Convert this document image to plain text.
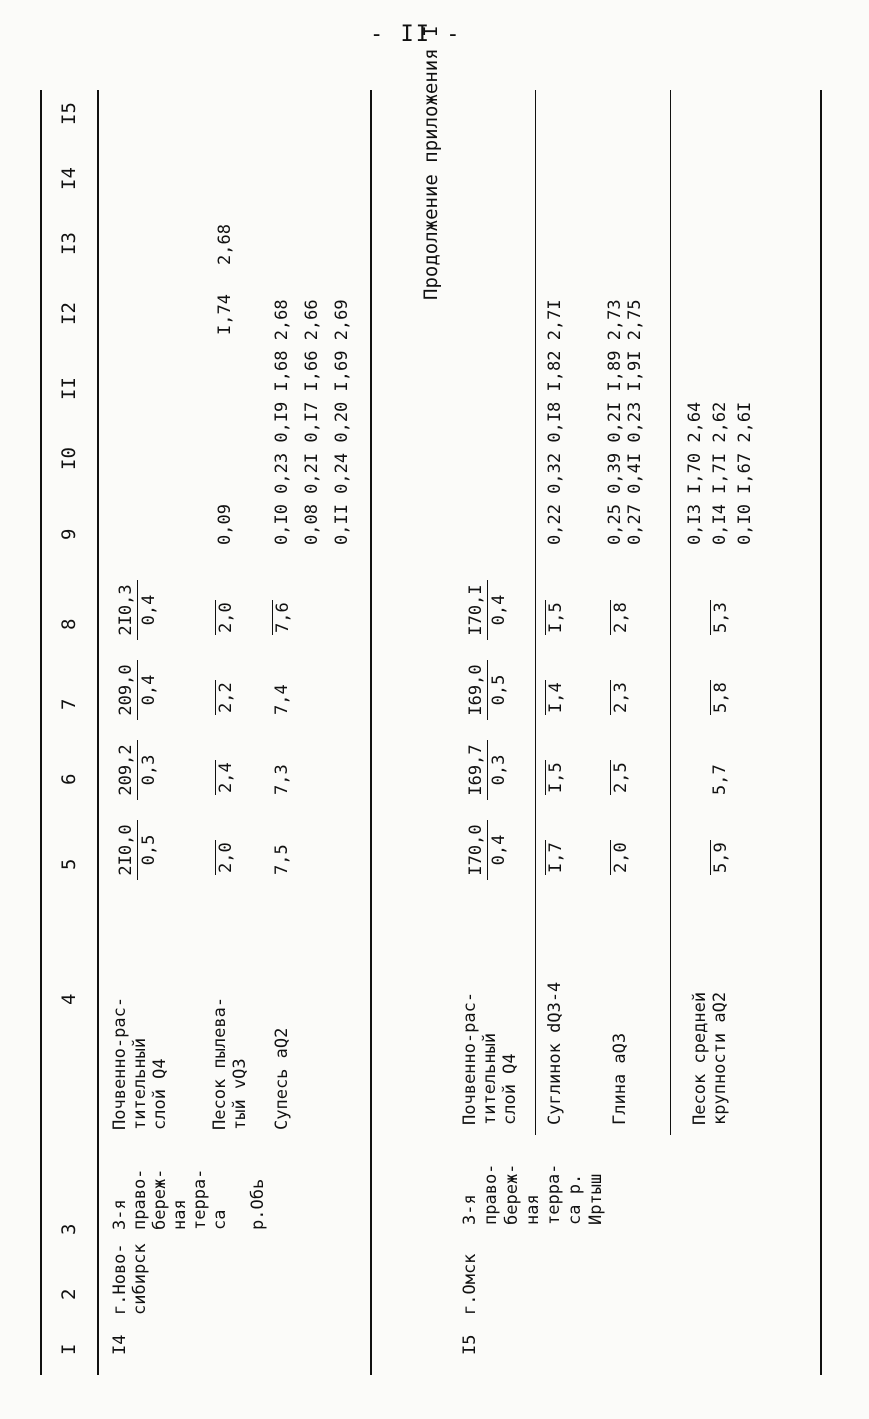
- II -
Продолжение приложения I
I
2
3
4
5
6
7
8
9
I0
II
I2
I3
I4
I5
I4
г.Ново- сибирск
3-я право- береж- ная терра- са р.Обь
Почвенно-рас- тительный слой Q4
2I0,0 0,5
209,2 0,3
209,0 0,4
2I0,3 0,4
Песок пылева- тый vQ3
2,0
2,4
2,2
2,0
0,09
I,74
2,68
Супесь aQ2
7,5
7,3
7,4
7,6
0,I0 0,23 0,I9 I,68 2,68 0,08 0,2I 0,I7 I,66 2,66 0,II 0,24 0,20 I,69 2,69
I5
г.Омск
3-я право- береж- ная терра- са р. Иртыш
Почвенно-рас- тительный слой Q4
I70,0 0,4
I69,7 0,3
I69,0 0,5
I70,I 0,4
Суглинок dQ3-4
I,7
I,5
I,4
I,5
0,22 0,32 0,I8 I,82 2,7I
Глина aQ3
2,0
2,5
2,3
2,8
0,25 0,39 0,2I I,89 2,73 0,27 0,4I 0,23 I,9I 2,75
Песок средней крупности aQ2
5,9
5,7
5,8
5,3
0,I3 I,70 2,64 0,I4 I,7I 2,62 0,I0 I,67 2,6I
